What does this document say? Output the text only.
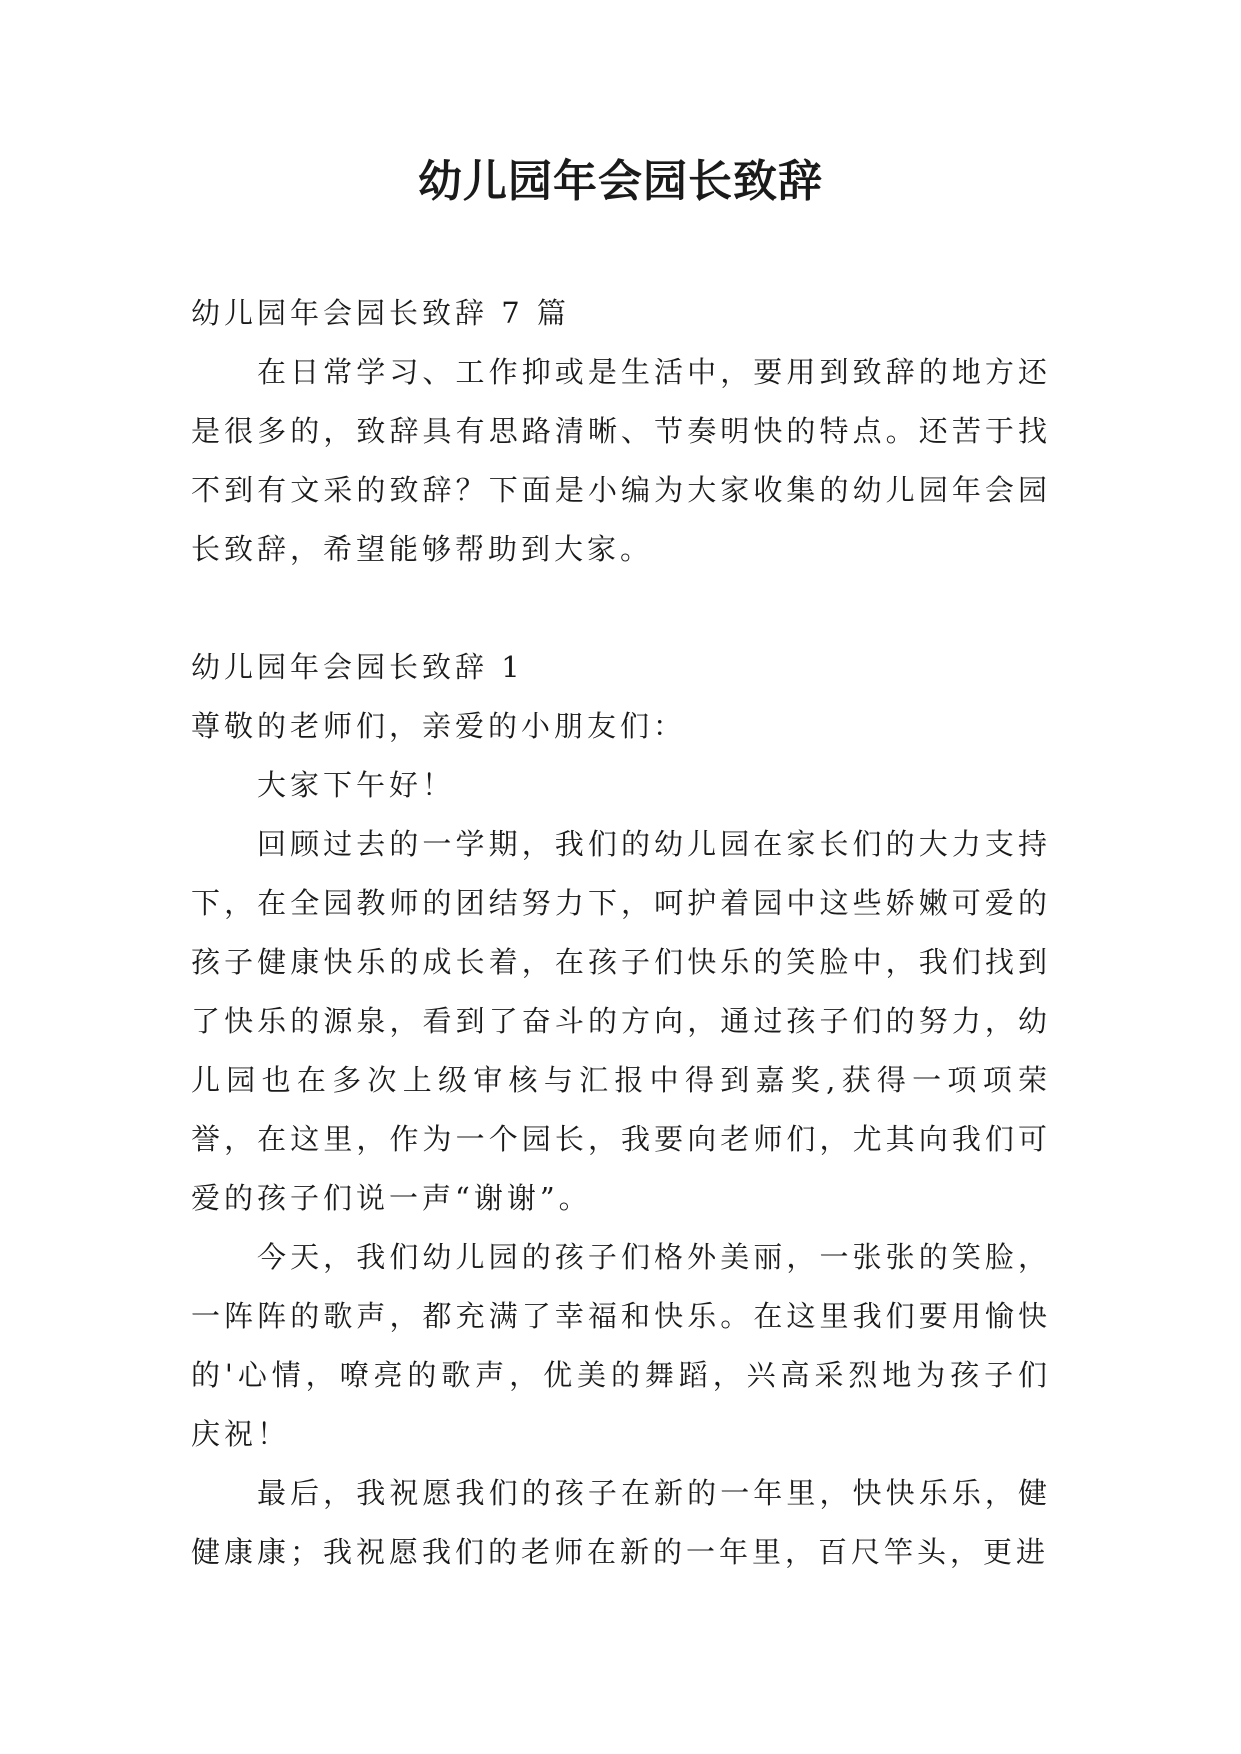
幼儿园年会园长致辞

幼儿园年会园长致辞 7 篇

在日常学习、工作抑或是生活中，要用到致辞的地方还是很多的，致辞具有思路清晰、节奏明快的特点。还苦于找不到有文采的致辞？下面是小编为大家收集的幼儿园年会园长致辞，希望能够帮助到大家。

幼儿园年会园长致辞 1

尊敬的老师们，亲爱的小朋友们：

大家下午好！

回顾过去的一学期，我们的幼儿园在家长们的大力支持下，在全园教师的团结努力下，呵护着园中这些娇嫩可爱的孩子健康快乐的成长着，在孩子们快乐的笑脸中，我们找到了快乐的源泉，看到了奋斗的方向，通过孩子们的努力，幼儿园也在多次上级审核与汇报中得到嘉奖,获得一项项荣誉，在这里，作为一个园长，我要向老师们，尤其向我们可爱的孩子们说一声“谢谢”。

今天，我们幼儿园的孩子们格外美丽，一张张的笑脸，一阵阵的歌声，都充满了幸福和快乐。在这里我们要用愉快的'心情，嘹亮的歌声，优美的舞蹈，兴高采烈地为孩子们庆祝！

最后，我祝愿我们的孩子在新的一年里，快快乐乐，健健康康；我祝愿我们的老师在新的一年里，百尺竿头，更进
